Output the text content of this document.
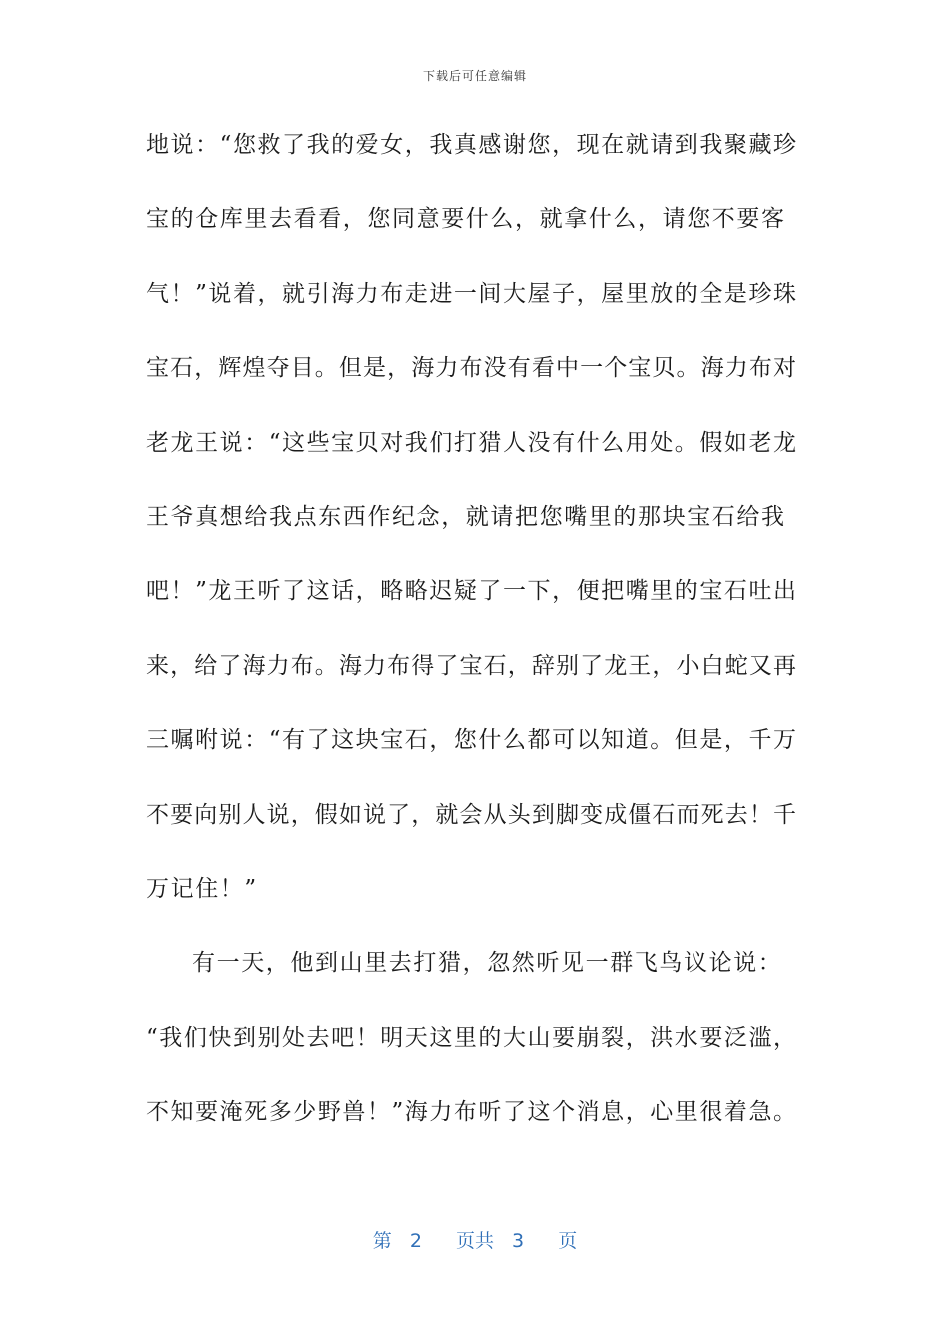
下载后可任意编辑
地说：“您救了我的爱女，我真感谢您，现在就请到我聚藏珍
宝的仓库里去看看，您同意要什么，就拿什么，请您不要客
气！”说着，就引海力布走进一间大屋子，屋里放的全是珍珠
宝石，辉煌夺目。但是，海力布没有看中一个宝贝。海力布对
老龙王说：“这些宝贝对我们打猎人没有什么用处。假如老龙
王爷真想给我点东西作纪念，就请把您嘴里的那块宝石给我
吧！”龙王听了这话，略略迟疑了一下，便把嘴里的宝石吐出
来，给了海力布。海力布得了宝石，辞别了龙王，小白蛇又再
三嘱咐说：“有了这块宝石，您什么都可以知道。但是，千万
不要向别人说，假如说了，就会从头到脚变成僵石而死去！千
万记住！”
有一天，他到山里去打猎，忽然听见一群飞鸟议论说：
“我们快到别处去吧！明天这里的大山要崩裂，洪水要泛滥，
不知要淹死多少野兽！”海力布听了这个消息，心里很着急。
第 2 页共 3 页
